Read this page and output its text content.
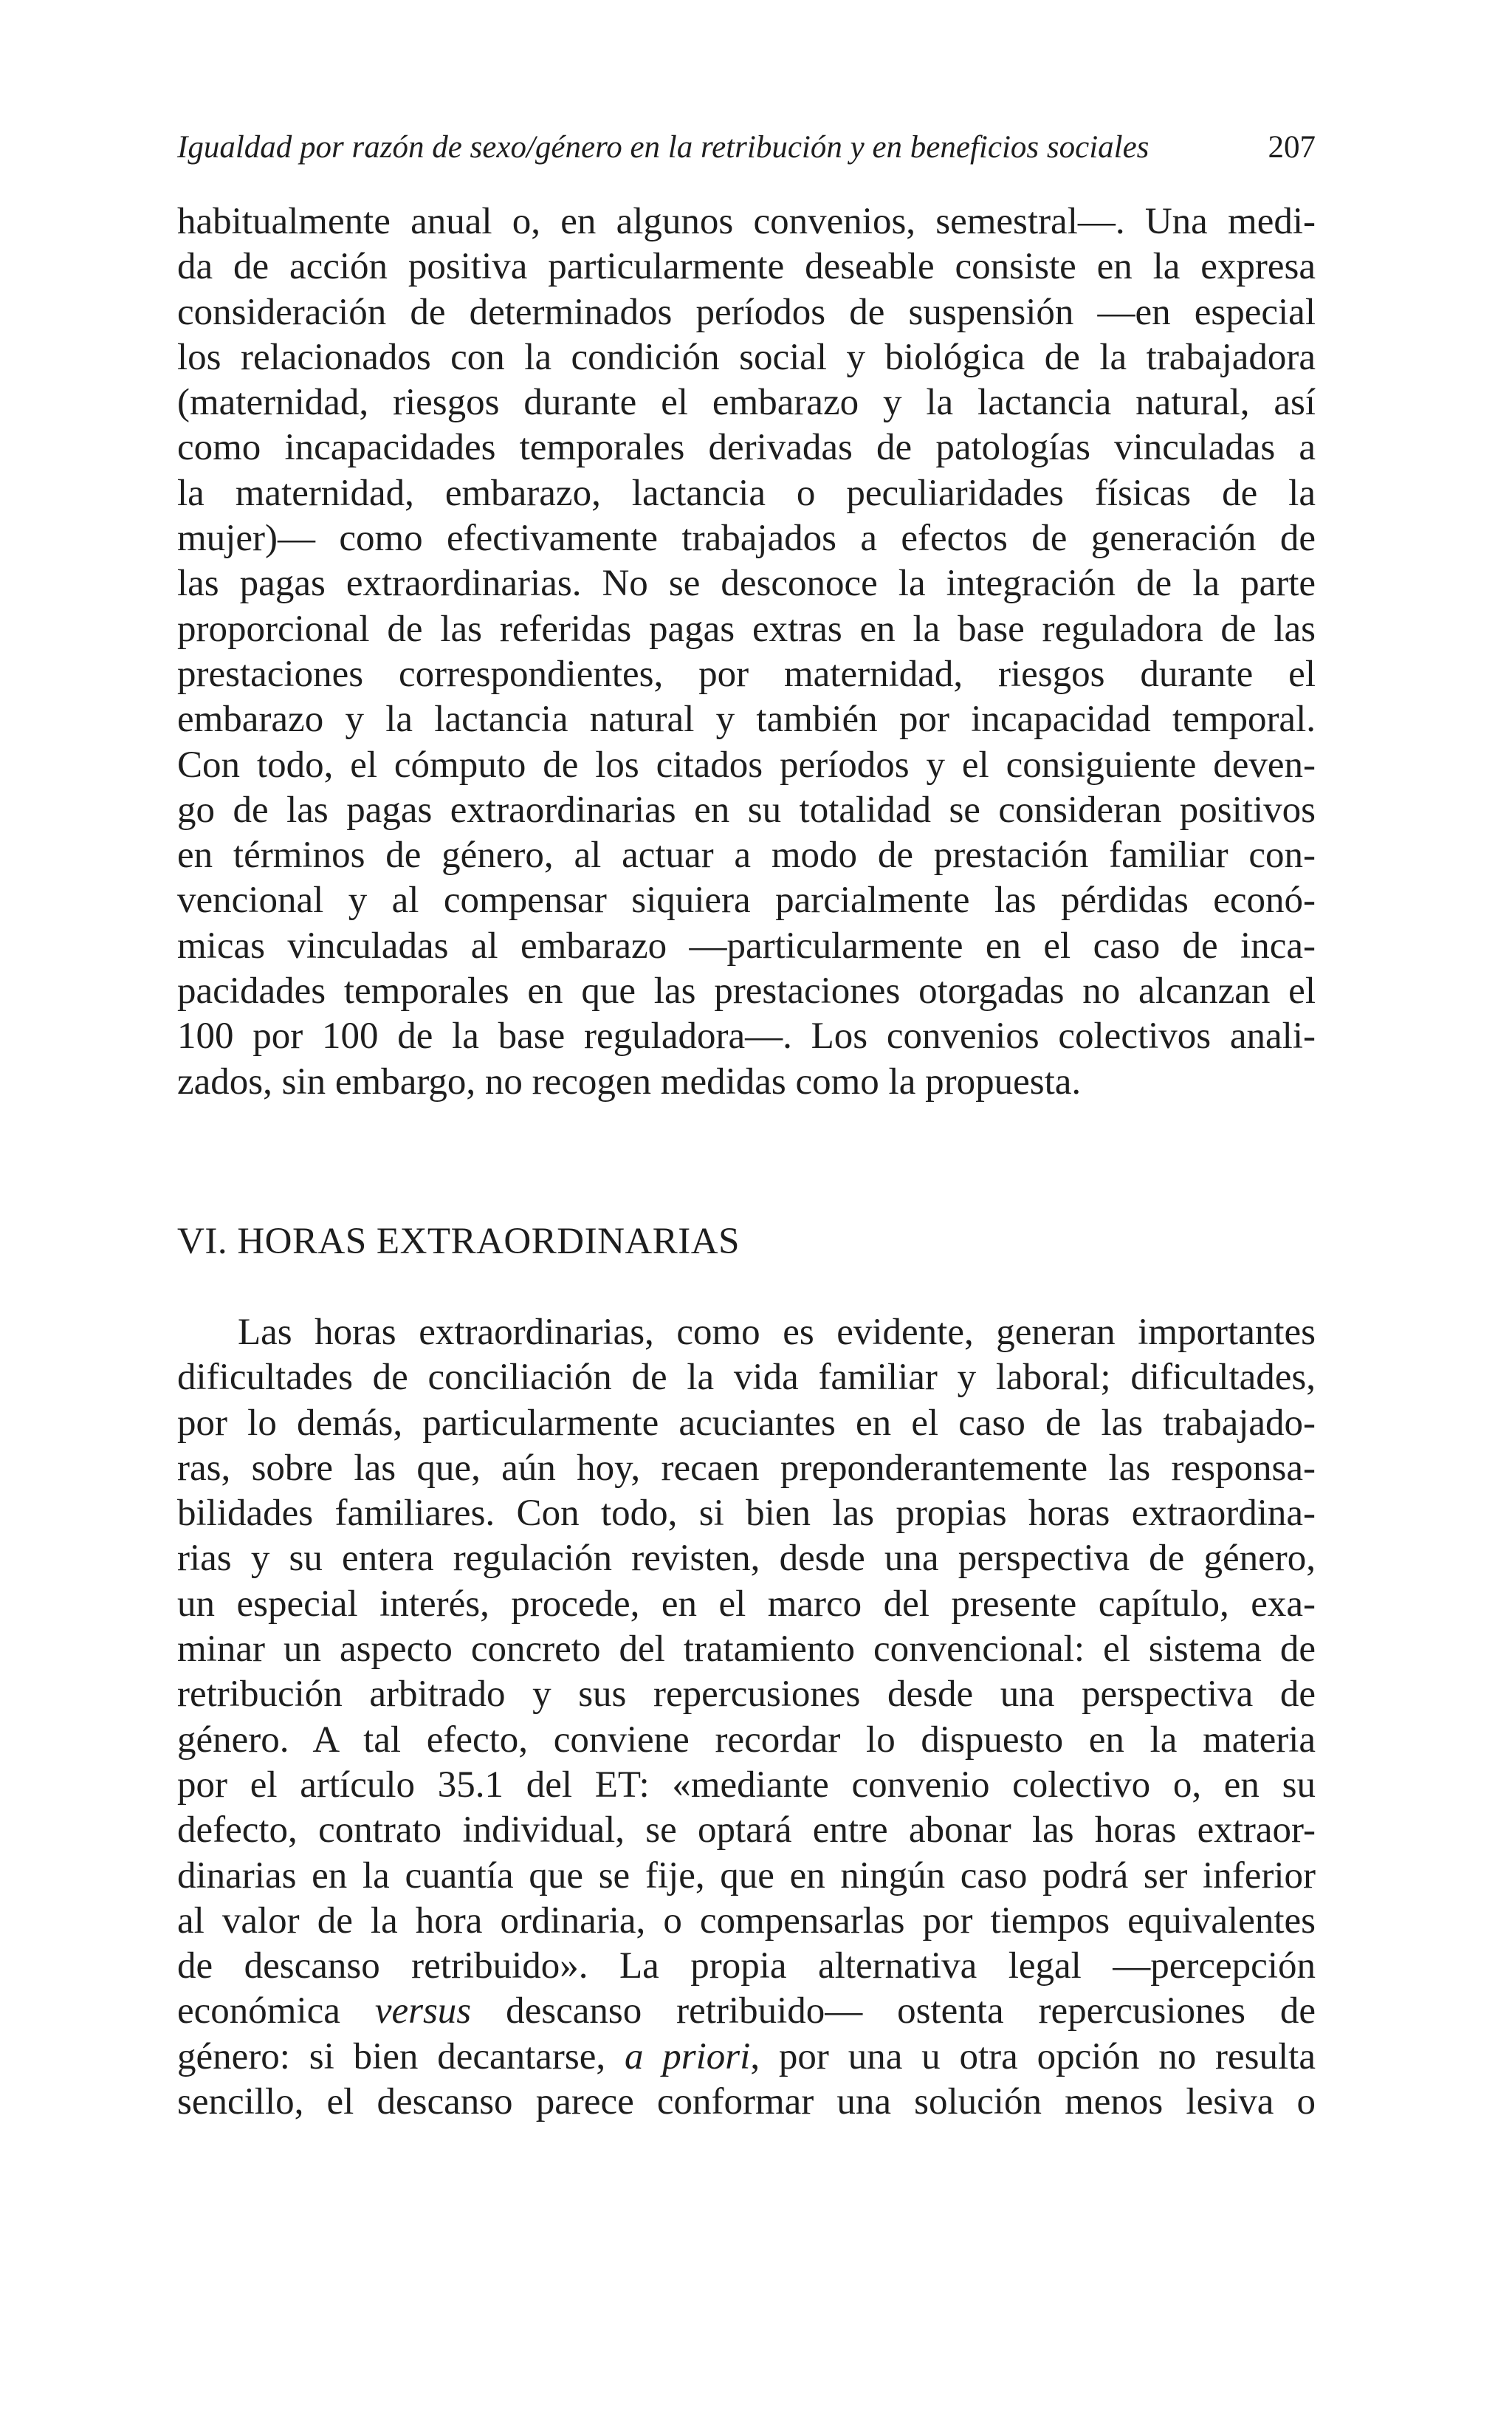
Igualdad por razón de sexo/género en la retribución y en beneficios sociales	207

habitualmente anual o, en algunos convenios, semestral—. Una medi-
da de acción positiva particularmente deseable consiste en la expresa
consideración de determinados períodos de suspensión —en especial
los relacionados con la condición social y biológica de la trabajadora
(maternidad, riesgos durante el embarazo y la lactancia natural, así
como incapacidades temporales derivadas de patologías vinculadas a
la maternidad, embarazo, lactancia o peculiaridades físicas de la
mujer)— como efectivamente trabajados a efectos de generación de
las pagas extraordinarias. No se desconoce la integración de la parte
proporcional de las referidas pagas extras en la base reguladora de las
prestaciones correspondientes, por maternidad, riesgos durante el
embarazo y la lactancia natural y también por incapacidad temporal.
Con todo, el cómputo de los citados períodos y el consiguiente deven-
go de las pagas extraordinarias en su totalidad se consideran positivos
en términos de género, al actuar a modo de prestación familiar con-
vencional y al compensar siquiera parcialmente las pérdidas econó-
micas vinculadas al embarazo —particularmente en el caso de inca-
pacidades temporales en que las prestaciones otorgadas no alcanzan el
100 por 100 de la base reguladora—. Los convenios colectivos anali-
zados, sin embargo, no recogen medidas como la propuesta.

VI. HORAS EXTRAORDINARIAS

Las horas extraordinarias, como es evidente, generan importantes
dificultades de conciliación de la vida familiar y laboral; dificultades,
por lo demás, particularmente acuciantes en el caso de las trabajado-
ras, sobre las que, aún hoy, recaen preponderantemente las responsa-
bilidades familiares. Con todo, si bien las propias horas extraordina-
rias y su entera regulación revisten, desde una perspectiva de género,
un especial interés, procede, en el marco del presente capítulo, exa-
minar un aspecto concreto del tratamiento convencional: el sistema de
retribución arbitrado y sus repercusiones desde una perspectiva de
género. A tal efecto, conviene recordar lo dispuesto en la materia
por el artículo 35.1 del ET: «mediante convenio colectivo o, en su
defecto, contrato individual, se optará entre abonar las horas extraor-
dinarias en la cuantía que se fije, que en ningún caso podrá ser inferior
al valor de la hora ordinaria, o compensarlas por tiempos equivalentes
de descanso retribuido». La propia alternativa legal —percepción
económica versus descanso retribuido— ostenta repercusiones de
género: si bien decantarse, a priori, por una u otra opción no resulta
sencillo, el descanso parece conformar una solución menos lesiva o
